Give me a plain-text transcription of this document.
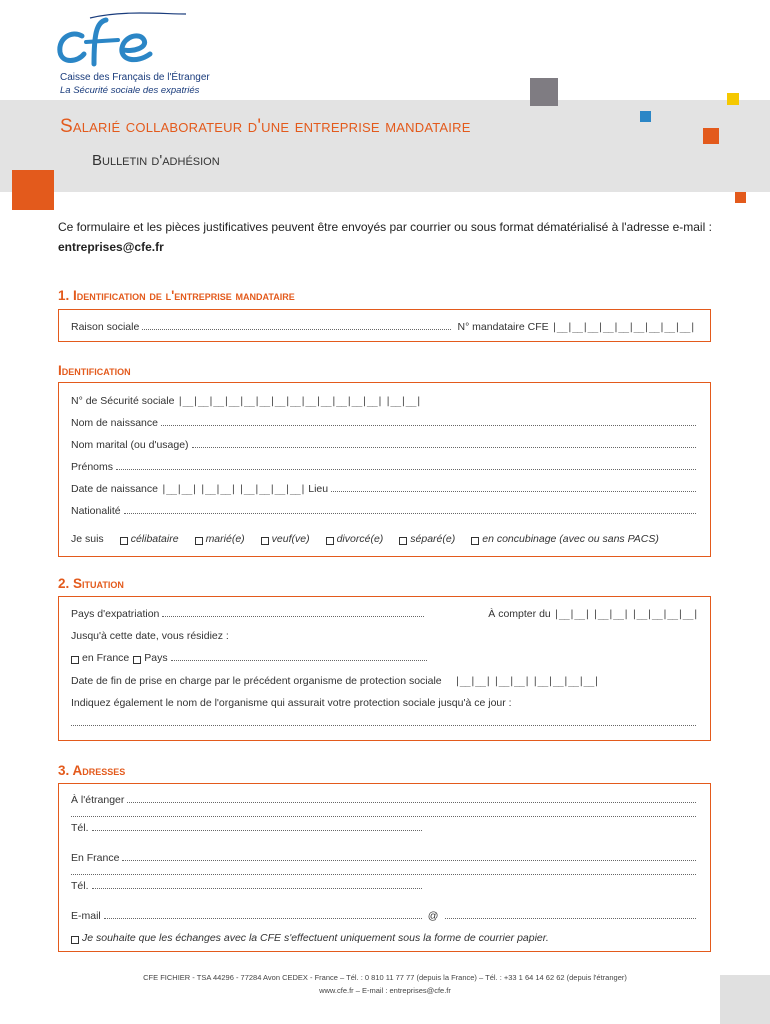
Caisse des Français de l'Étranger
La Sécurité sociale des expatriés
Salarié collaborateur d'une entreprise mandataire
Bulletin d'adhésion
Ce formulaire et les pièces justificatives peuvent être envoyés par courrier ou sous format dématérialisé à l'adresse e-mail : entreprises@cfe.fr
1. Identification de l'entreprise mandataire
Raison sociale	N° mandataire CFE |__|__|__|__|__|__|__|__|__|
Identification
N° de Sécurité sociale |__|__|__|__|__|__|__|__|__|__|__|__|__| |__|__|
Nom de naissance
Nom marital (ou d'usage)
Prénoms
Date de naissance |__|__| |__|__| |__|__|__|__| Lieu
Nationalité
Je suis	célibataire	marié(e)	veuf(ve)	divorcé(e)	séparé(e)	en concubinage (avec ou sans PACS)
2. Situation
Pays d'expatriation	À compter du |__|__| |__|__| |__|__|__|__|
Jusqu'à cette date, vous résidiez :
en France Pays
Date de fin de prise en charge par le précédent organisme de protection sociale |__|__| |__|__| |__|__|__|__|
Indiquez également le nom de l'organisme qui assurait votre protection sociale jusqu'à ce jour :
3. Adresses
À l'étranger
Tél.
En France
Tél.
E-mail	@
Je souhaite que les échanges avec la CFE s'effectuent uniquement sous la forme de courrier papier.
CFE FICHIER - TSA 44296 - 77284 Avon CEDEX - France – Tél. : 0 810 11 77 77 (depuis la France) – Tél. : +33 1 64 14 62 62 (depuis l'étranger)
www.cfe.fr – E-mail : entreprises@cfe.fr
